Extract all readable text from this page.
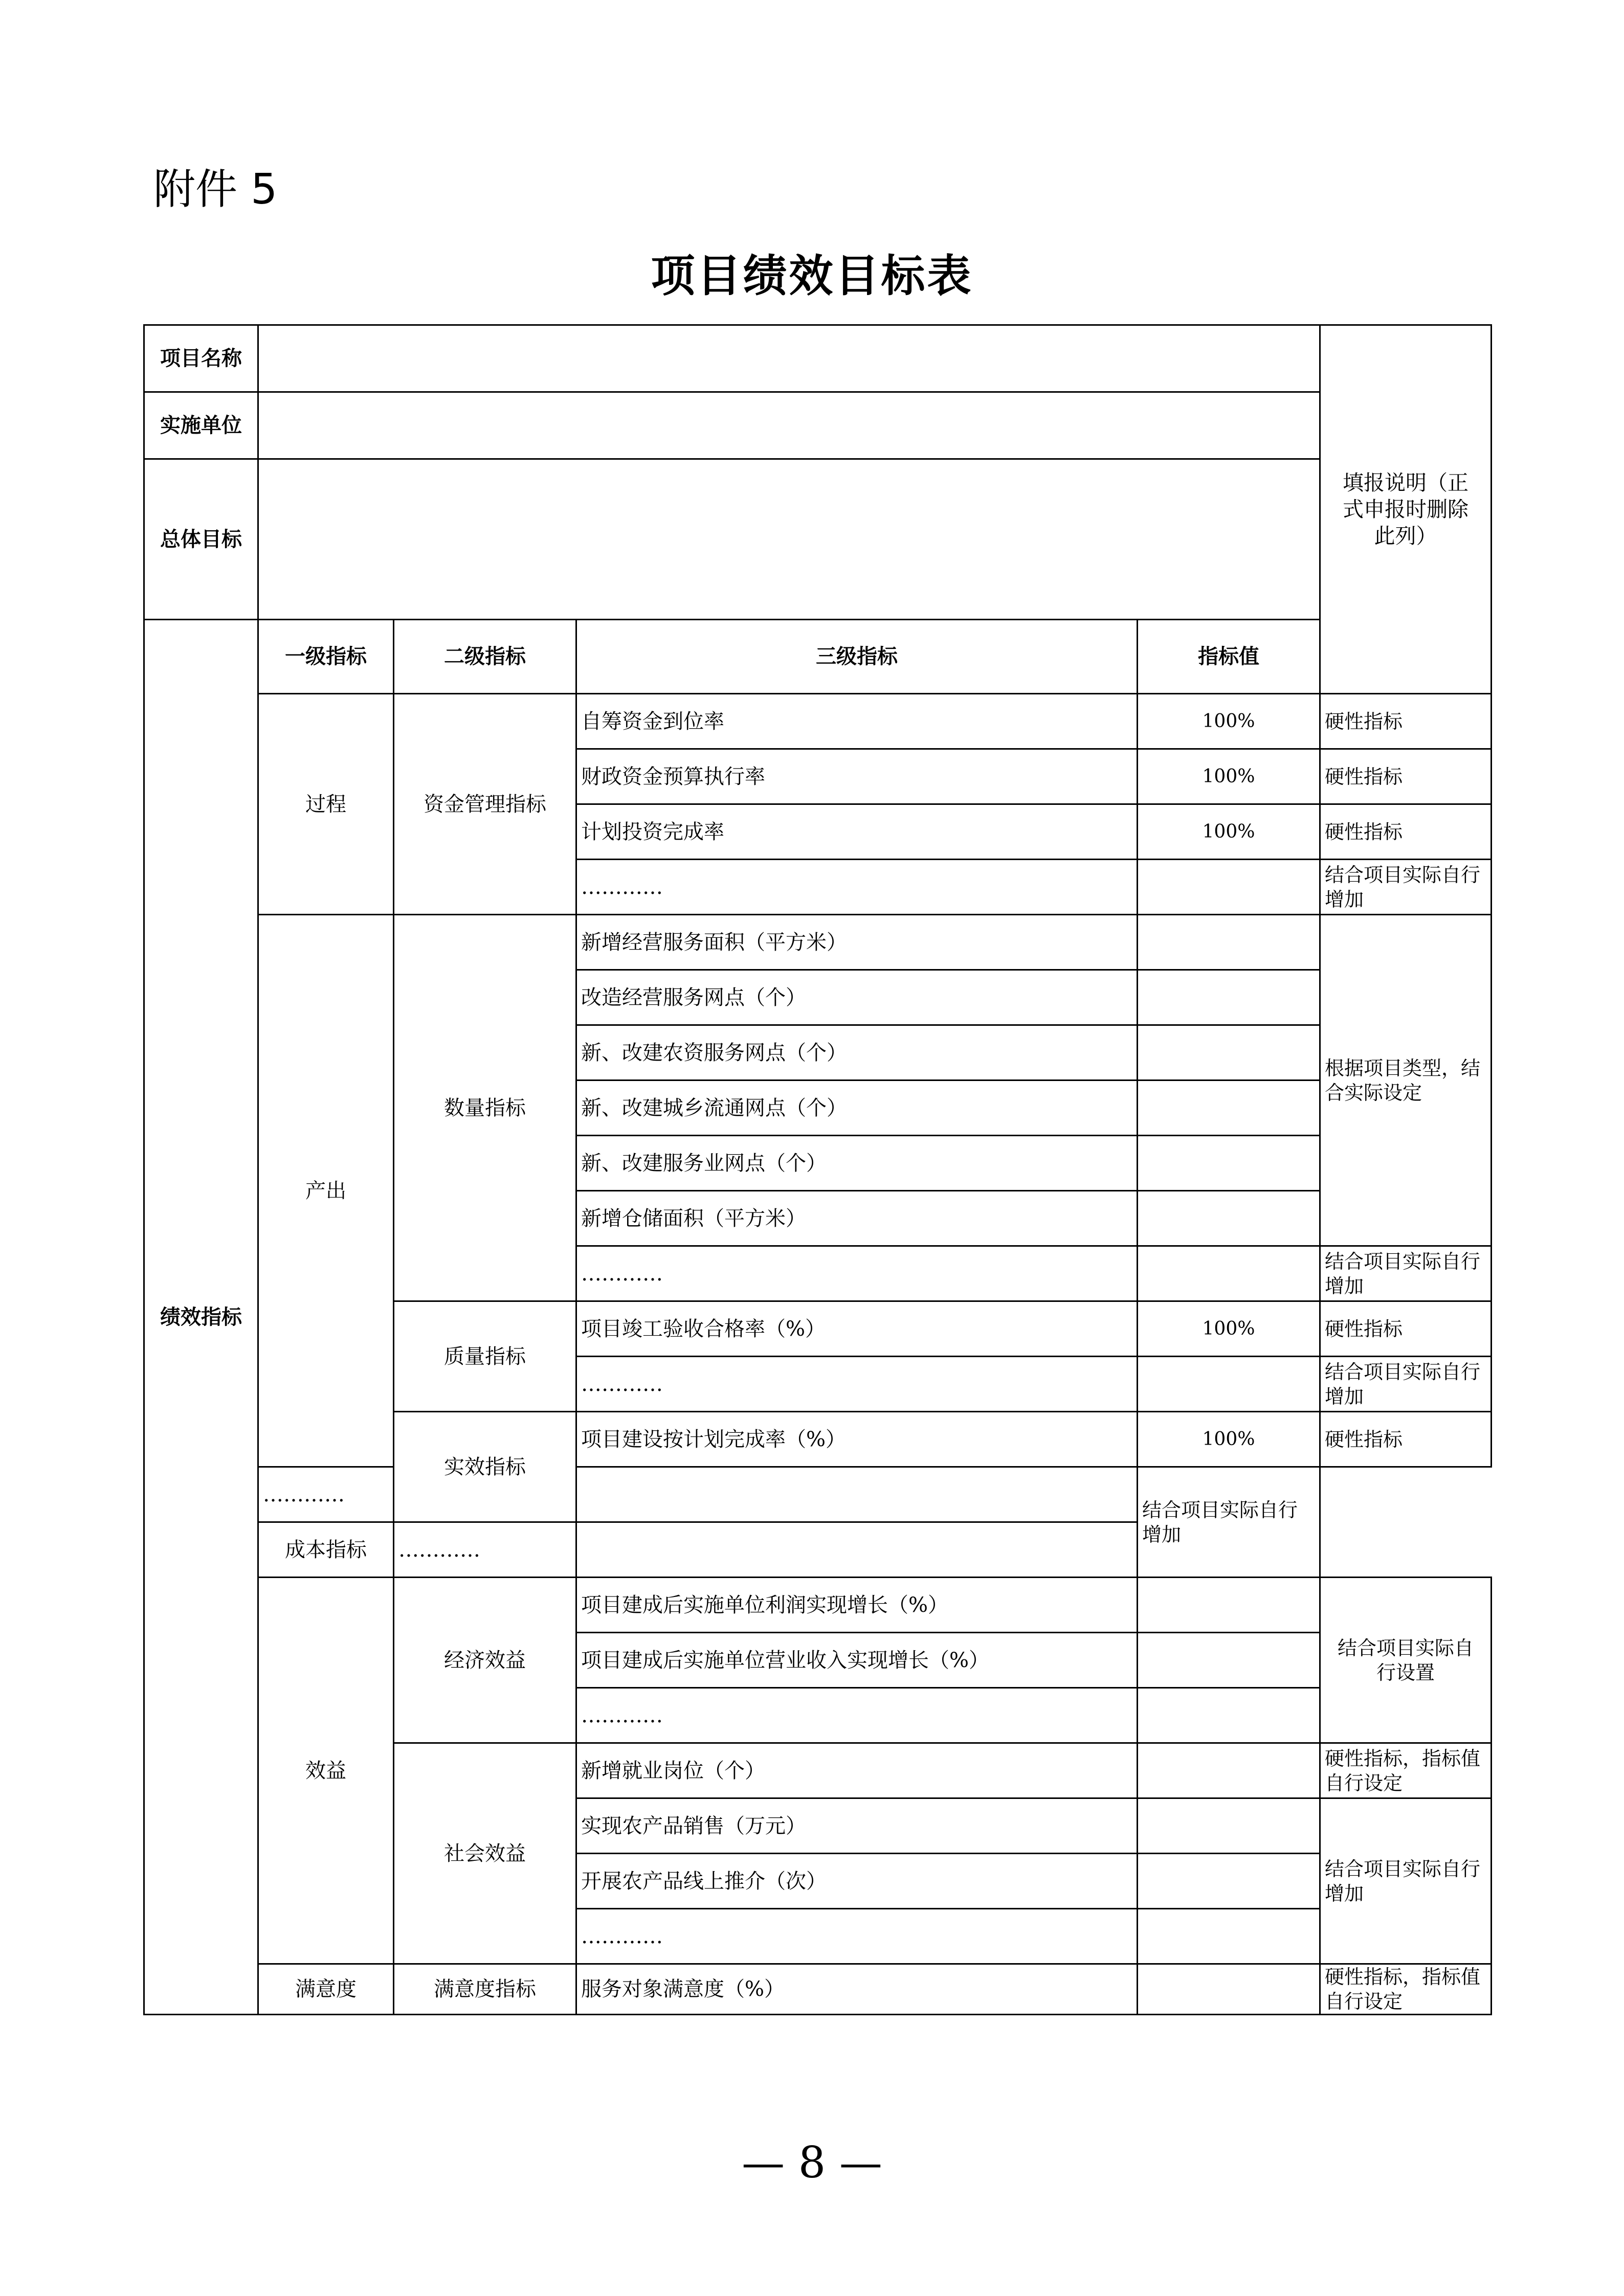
附件 5
项目绩效目标表
项目名称					填报说明（正式申报时删除此列）
实施单位					
总体目标					
绩效指标	一级指标	二级指标	三级指标	指标值	
	过程	资金管理指标	自筹资金到位率	100%	硬性指标
			财政资金预算执行率	100%	硬性指标
			计划投资完成率	100%	硬性指标
			…………		结合项目实际自行增加
	产出	数量指标	新增经营服务面积（平方米）		根据项目类型，结合实际设定
			改造经营服务网点（个）		
			新、改建农资服务网点（个）		
			新、改建城乡流通网点（个）		
			新、改建服务业网点（个）		
			新增仓储面积（平方米）		
			…………		结合项目实际自行增加
		质量指标	项目竣工验收合格率（%）	100%	硬性指标
			…………		结合项目实际自行增加
		实效指标	项目建设按计划完成率（%）	100%	硬性指标
	…………			结合项目实际自行增加	
	成本指标	…………			
	效益	经济效益	项目建成后实施单位利润实现增长（%）		结合项目实际自行设置
			项目建成后实施单位营业收入实现增长（%）		
			…………		
		社会效益	新增就业岗位（个）		硬性指标，指标值自行设定
			实现农产品销售（万元）		结合项目实际自行增加
			开展农产品线上推介（次）		
			…………		
	满意度	满意度指标	服务对象满意度（%）		硬性指标，指标值自行设定
— 8 —
